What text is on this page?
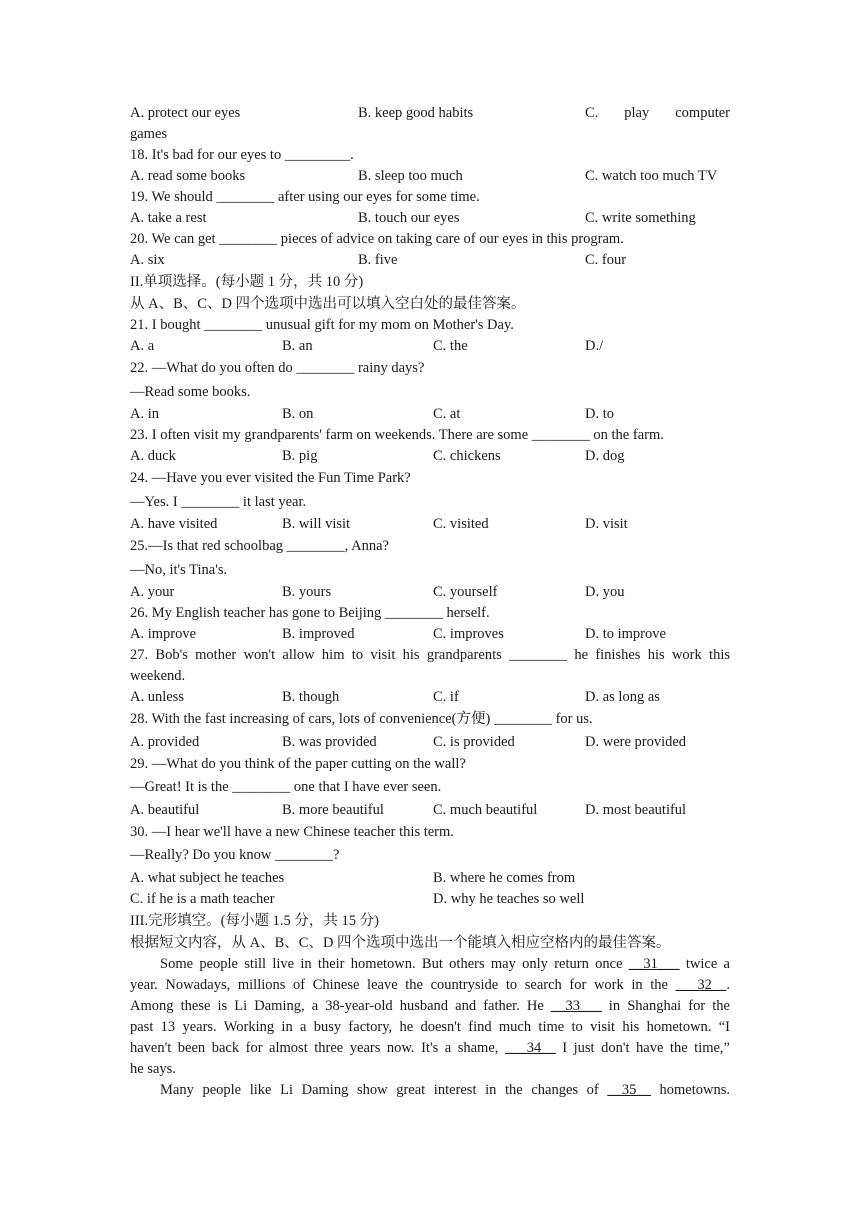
A. protect our eyes	B. keep good habits	C. play computer
games
18. It's bad for our eyes to _________.
A. read some books	B. sleep too much	C. watch too much TV
19. We should ________ after using our eyes for some time.
A. take a rest	B. touch our eyes	C. write something
20. We can get ________ pieces of advice on taking care of our eyes in this program.
A. six	B. five	C. four
II.单项选择。(每小题 1 分，共 10 分)
从 A、B、C、D 四个选项中选出可以填入空白处的最佳答案。
21. I bought ________ unusual gift for my mom on Mother's Day.
A. a	B. an	C. the	D./
22. —What do you often do ________ rainy days?
—Read some books.
A. in	B. on	C. at	D. to
23. I often visit my grandparents' farm on weekends. There are some ________ on the farm.
A. duck	B. pig	C. chickens	D. dog
24. —Have you ever visited the Fun Time Park?
—Yes. I ________ it last year.
A. have visited	B. will visit	C. visited	D. visit
25.—Is that red schoolbag ________, Anna?
—No, it's Tina's.
A. your	B. yours	C. yourself	D. you
26. My English teacher has gone to Beijing ________ herself.
A. improve	B. improved	C. improves	D. to improve
27. Bob's mother won't allow him to visit his grandparents ________ he finishes his work this
weekend.
A. unless	B. though	C. if	D. as long as
28. With the fast increasing of cars, lots of convenience(方便) ________ for us.
A. provided	B. was provided	C. is provided	D. were provided
29. —What do you think of the paper cutting on the wall?
—Great! It is the ________ one that I have ever seen.
A. beautiful	B. more beautiful	C. much beautiful	D. most beautiful
30. —I hear we'll have a new Chinese teacher this term.
—Really? Do you know ________?
A. what subject he teaches	B. where he comes from
C. if he is a math teacher	D. why he teaches so well
III.完形填空。(每小题 1.5 分，共 15 分)
根据短文内容，从 A、B、C、D 四个选项中选出一个能填入相应空格内的最佳答案。
Some people still live in their hometown. But others may only return once __31___ twice a
year. Nowadays, millions of Chinese leave the countryside to search for work in the ___32__.
Among these is Li Daming, a 38-year-old husband and father. He __33___ in Shanghai for the
past 13 years. Working in a busy factory, he doesn't find much time to visit his hometown. “I
haven't been back for almost three years now. It's a shame, ___34__ I just don't have the time,”
he says.
Many people like Li Daming show great interest in the changes of __35__ hometowns.
